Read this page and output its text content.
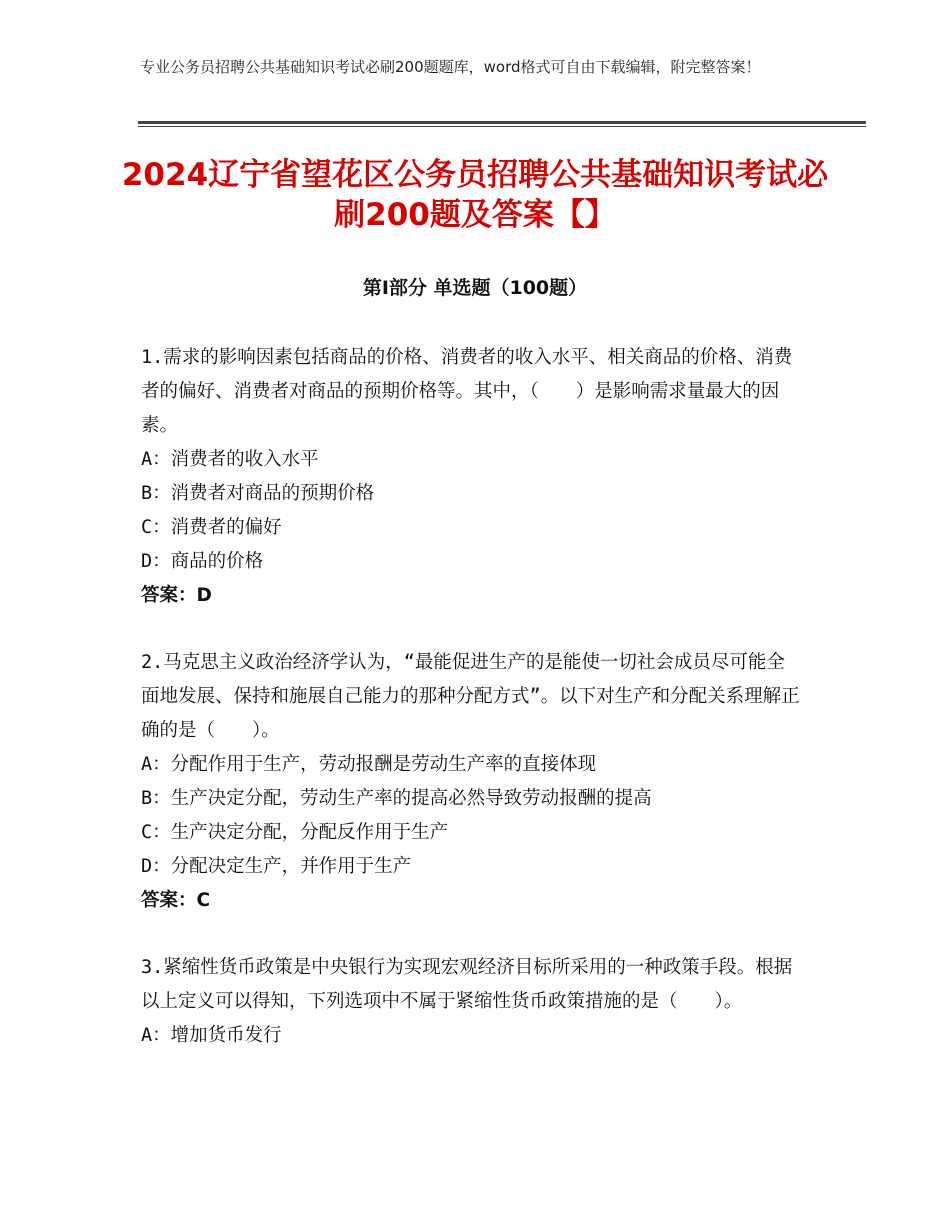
专业公务员招聘公共基础知识考试必刷200题题库，word格式可自由下载编辑，附完整答案！
2024辽宁省望花区公务员招聘公共基础知识考试必刷200题及答案【】
第Ⅰ部分 单选题（100题）

1.需求的影响因素包括商品的价格、消费者的收入水平、相关商品的价格、消费者的偏好、消费者对商品的预期价格等。其中，（　　）是影响需求量最大的因素。

A：消费者的收入水平

B：消费者对商品的预期价格

C：消费者的偏好

D：商品的价格

答案：D

2.马克思主义政治经济学认为，“最能促进生产的是能使一切社会成员尽可能全面地发展、保持和施展自己能力的那种分配方式”。以下对生产和分配关系理解正确的是（　　）。

A：分配作用于生产，劳动报酬是劳动生产率的直接体现

B：生产决定分配，劳动生产率的提高必然导致劳动报酬的提高

C：生产决定分配，分配反作用于生产

D：分配决定生产，并作用于生产

答案：C

3.紧缩性货币政策是中央银行为实现宏观经济目标所采用的一种政策手段。根据以上定义可以得知，下列选项中不属于紧缩性货币政策措施的是（　　）。

A：增加货币发行
